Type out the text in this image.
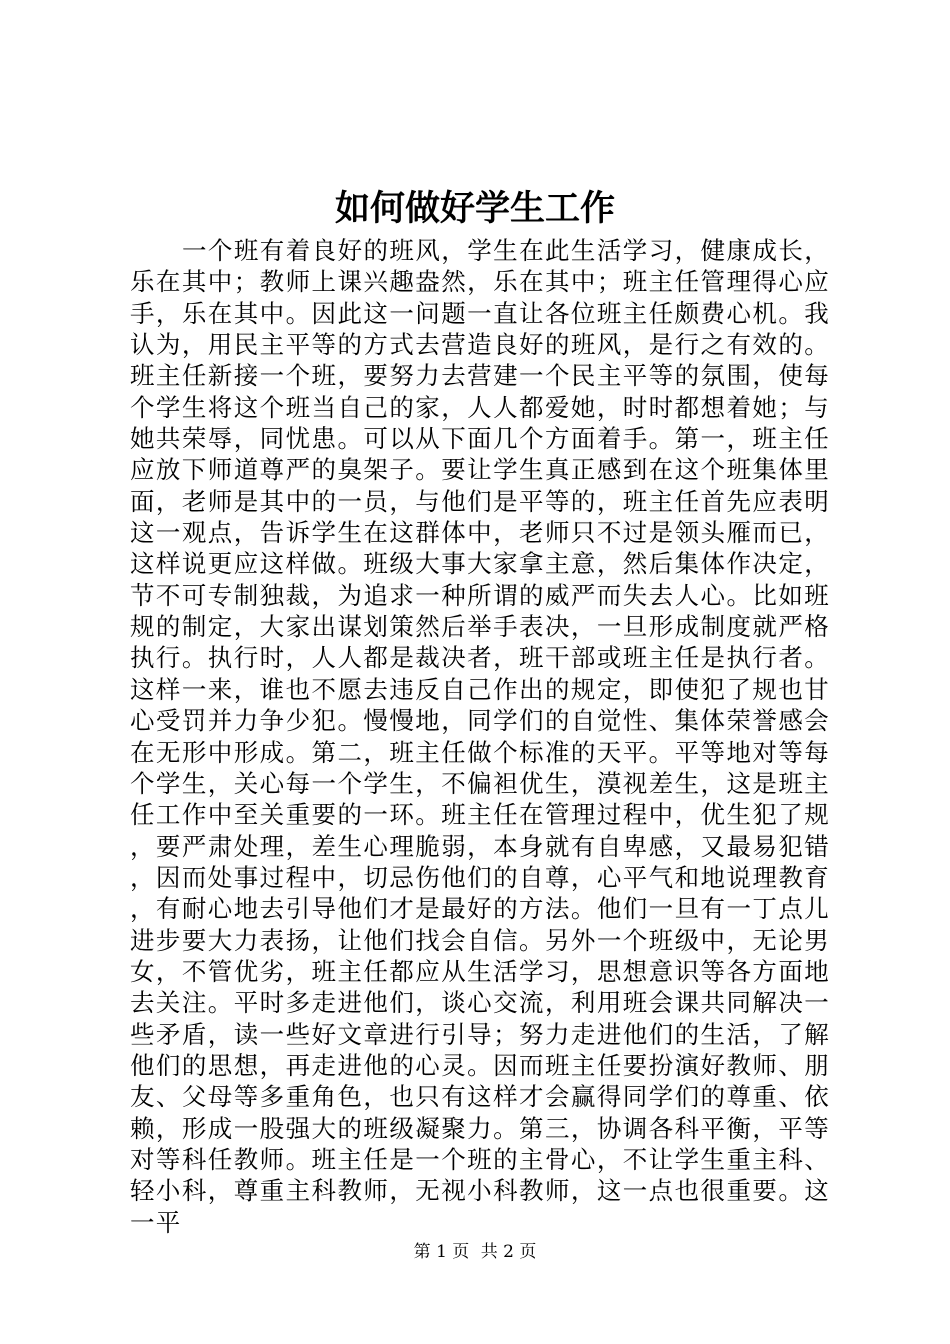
如何做好学生工作

一个班有着良好的班风，学生在此生活学习，健康成长，乐在其中；教师上课兴趣盎然，乐在其中；班主任管理得心应手，乐在其中。因此这一问题一直让各位班主任颇费心机。我认为，用民主平等的方式去营造良好的班风，是行之有效的。班主任新接一个班，要努力去营建一个民主平等的氛围，使每个学生将这个班当自己的家，人人都爱她，时时都想着她；与她共荣辱，同忧患。可以从下面几个方面着手。第一，班主任应放下师道尊严的臭架子。要让学生真正感到在这个班集体里面，老师是其中的一员，与他们是平等的，班主任首先应表明这一观点，告诉学生在这群体中，老师只不过是领头雁而已，这样说更应这样做。班级大事大家拿主意，然后集体作决定，节不可专制独裁，为追求一种所谓的威严而失去人心。比如班规的制定，大家出谋划策然后举手表决，一旦形成制度就严格执行。执行时，人人都是裁决者，班干部或班主任是执行者。这样一来，谁也不愿去违反自己作出的规定，即使犯了规也甘心受罚并力争少犯。慢慢地，同学们的自觉性、集体荣誉感会在无形中形成。第二，班主任做个标准的天平。平等地对等每个学生，关心每一个学生，不偏袒优生，漠视差生，这是班主任工作中至关重要的一环。班主任在管理过程中，优生犯了规，要严肃处理，差生心理脆弱，本身就有自卑感，又最易犯错，因而处事过程中，切忌伤他们的自尊，心平气和地说理教育，有耐心地去引导他们才是最好的方法。他们一旦有一丁点儿进步要大力表扬，让他们找会自信。另外一个班级中，无论男女，不管优劣，班主任都应从生活学习，思想意识等各方面地去关注。平时多走进他们，谈心交流，利用班会课共同解决一些矛盾，读一些好文章进行引导；努力走进他们的生活，了解他们的思想，再走进他的心灵。因而班主任要扮演好教师、朋友、父母等多重角色，也只有这样才会赢得同学们的尊重、依赖，形成一股强大的班级凝聚力。第三，协调各科平衡，平等对等科任教师。班主任是一个班的主骨心，不让学生重主科、轻小科，尊重主科教师，无视小科教师，这一点也很重要。这一平

第 1 页 共 2 页
